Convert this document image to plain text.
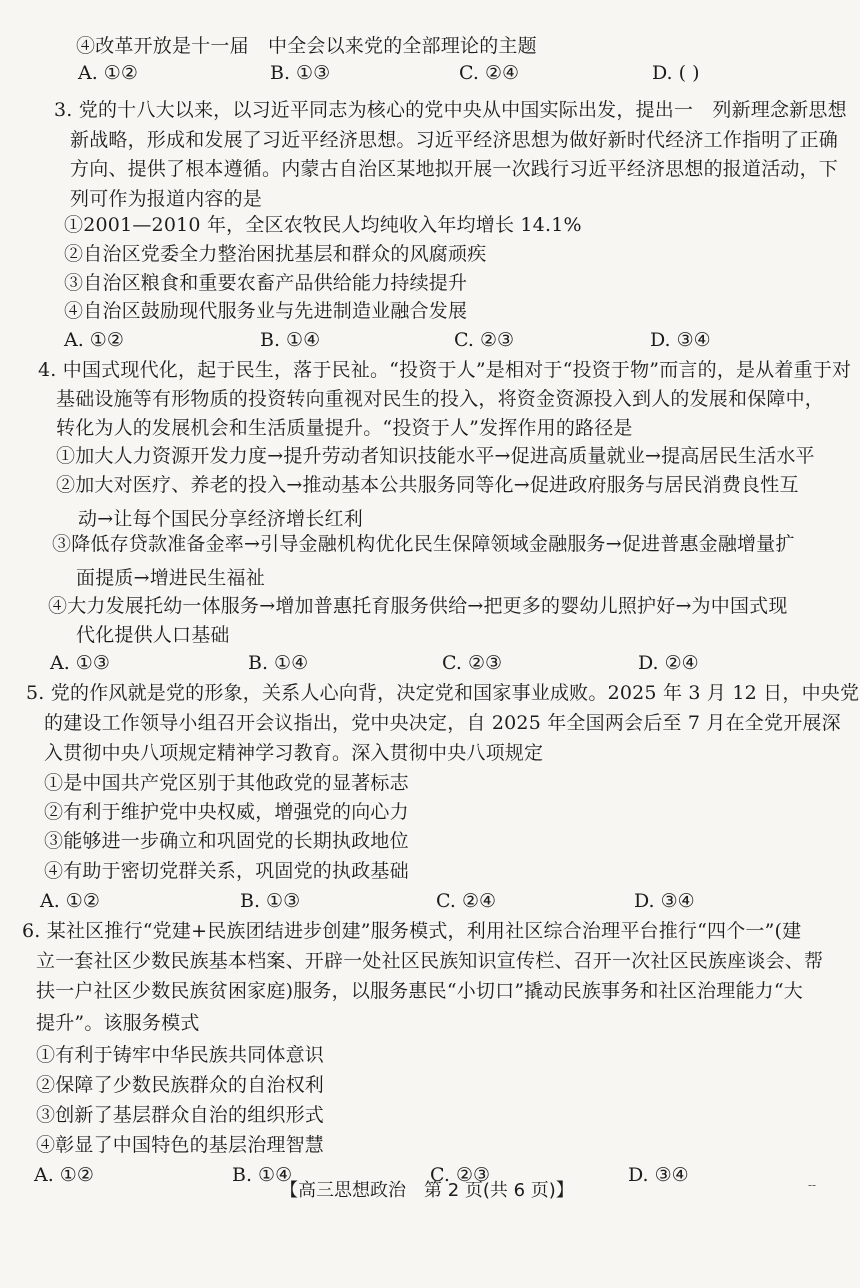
④改革开放是十一届　中全会以来党的全部理论的主题
A. ①②	B. ①③	C. ②④	D. ( )
3. 党的十八大以来，以习近平同志为核心的党中央从中国实际出发，提出一　列新理念新思想
新战略，形成和发展了习近平经济思想。习近平经济思想为做好新时代经济工作指明了正确
方向、提供了根本遵循。内蒙古自治区某地拟开展一次践行习近平经济思想的报道活动，下
列可作为报道内容的是
①2001—2010 年，全区农牧民人均纯收入年均增长 14.1%
②自治区党委全力整治困扰基层和群众的风腐顽疾
③自治区粮食和重要农畜产品供给能力持续提升
④自治区鼓励现代服务业与先进制造业融合发展
A. ①②	B. ①④	C. ②③	D. ③④
4. 中国式现代化，起于民生，落于民祉。“投资于人”是相对于“投资于物”而言的，是从着重于对
基础设施等有形物质的投资转向重视对民生的投入，将资金资源投入到人的发展和保障中，
转化为人的发展机会和生活质量提升。“投资于人”发挥作用的路径是
①加大人力资源开发力度→提升劳动者知识技能水平→促进高质量就业→提高居民生活水平
②加大对医疗、养老的投入→推动基本公共服务同等化→促进政府服务与居民消费良性互
动→让每个国民分享经济增长红利
③降低存贷款准备金率→引导金融机构优化民生保障领域金融服务→促进普惠金融增量扩
面提质→增进民生福祉
④大力发展托幼一体服务→增加普惠托育服务供给→把更多的婴幼儿照护好→为中国式现
代化提供人口基础
A. ①③	B. ①④	C. ②③	D. ②④
5. 党的作风就是党的形象，关系人心向背，决定党和国家事业成败。2025 年 3 月 12 日，中央党
的建设工作领导小组召开会议指出，党中央决定，自 2025 年全国两会后至 7 月在全党开展深
入贯彻中央八项规定精神学习教育。深入贯彻中央八项规定
①是中国共产党区别于其他政党的显著标志
②有利于维护党中央权威，增强党的向心力
③能够进一步确立和巩固党的长期执政地位
④有助于密切党群关系，巩固党的执政基础
A. ①②	B. ①③	C. ②④	D. ③④
6. 某社区推行“党建+民族团结进步创建”服务模式，利用社区综合治理平台推行“四个一”(建
立一套社区少数民族基本档案、开辟一处社区民族知识宣传栏、召开一次社区民族座谈会、帮
扶一户社区少数民族贫困家庭)服务，以服务惠民“小切口”撬动民族事务和社区治理能力“大
提升”。该服务模式
①有利于铸牢中华民族共同体意识
②保障了少数民族群众的自治权利
③创新了基层群众自治的组织形式
④彰显了中国特色的基层治理智慧
A. ①②	B. ①④	C. ②③	D. ③④
【高三思想政治　第 2 页(共 6 页)】	--
